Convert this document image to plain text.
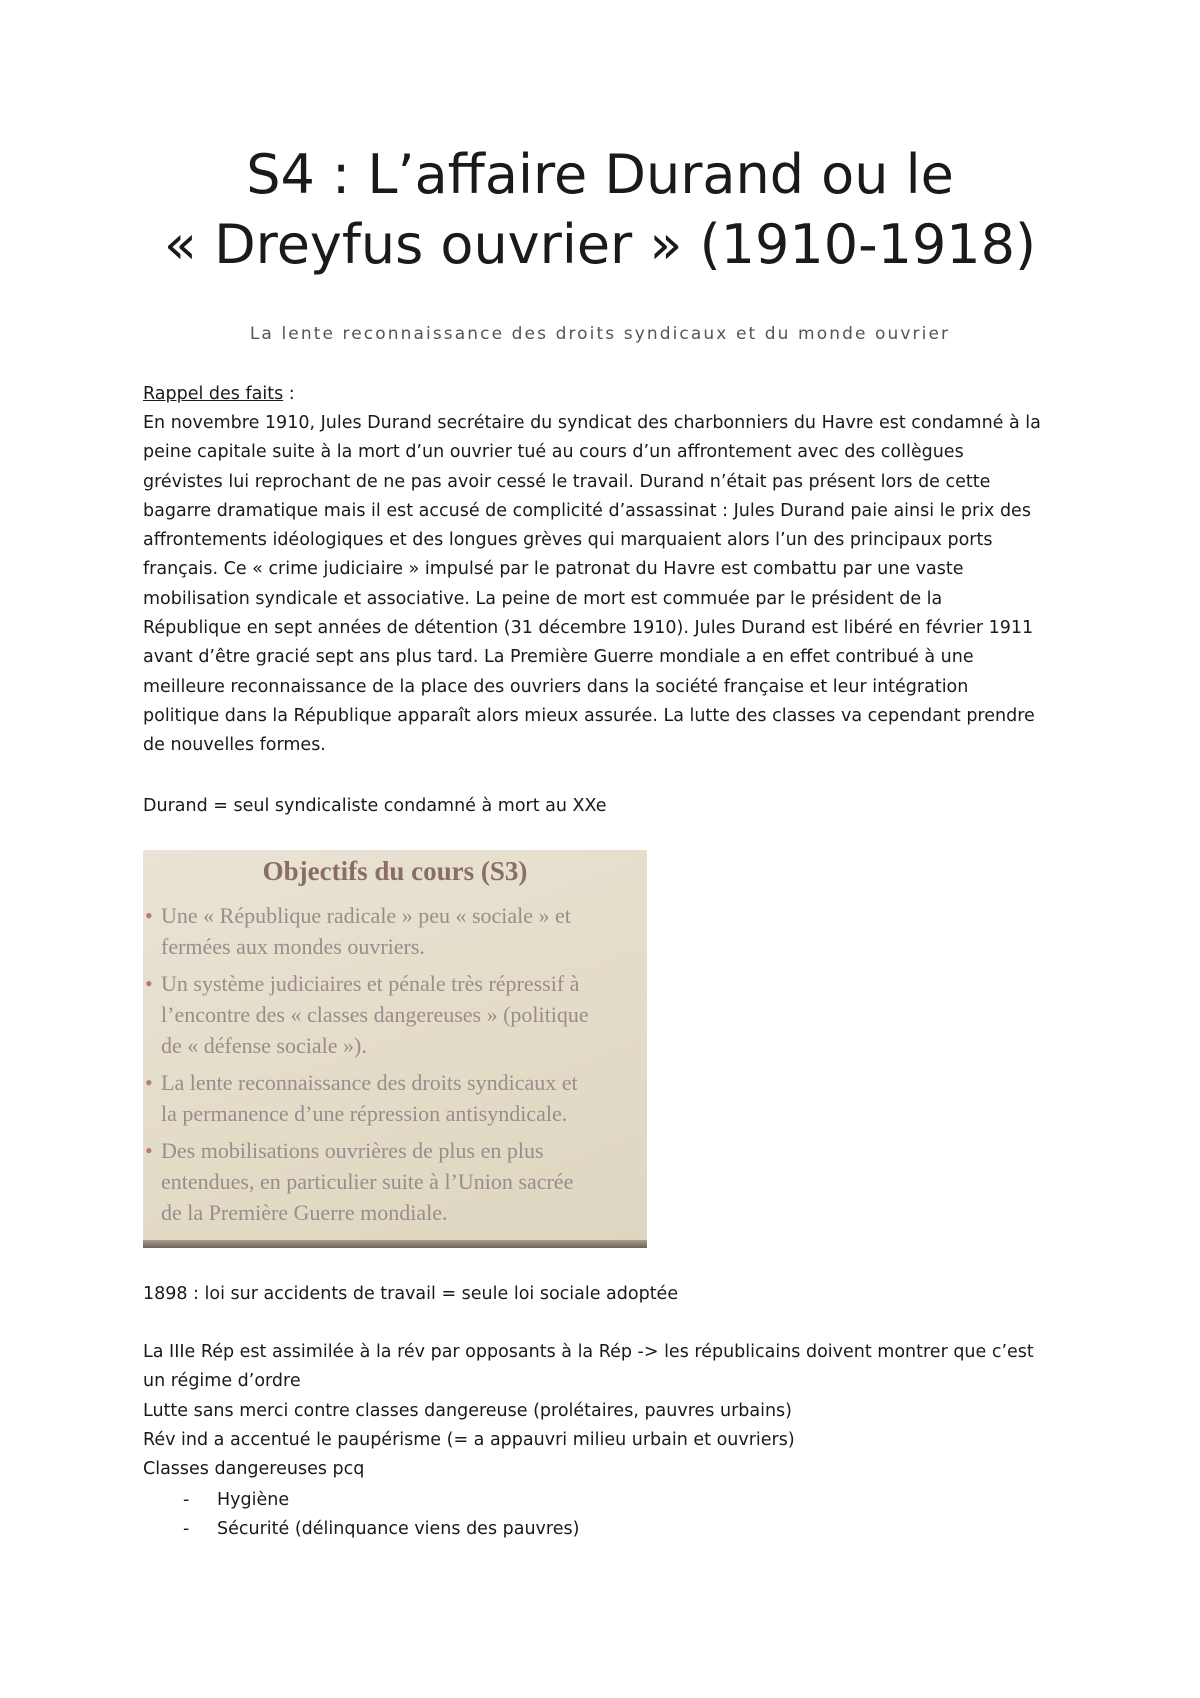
S4 : L’affaire Durand ou le
« Dreyfus ouvrier » (1910-1918)
La lente reconnaissance des droits syndicaux et du monde ouvrier
Rappel des faits :
En novembre 1910, Jules Durand secrétaire du syndicat des charbonniers du Havre est condamné à la
peine capitale suite à la mort d’un ouvrier tué au cours d’un affrontement avec des collègues
grévistes lui reprochant de ne pas avoir cessé le travail. Durand n’était pas présent lors de cette
bagarre dramatique mais il est accusé de complicité d’assassinat : Jules Durand paie ainsi le prix des
affrontements idéologiques et des longues grèves qui marquaient alors l’un des principaux ports
français. Ce « crime judiciaire » impulsé par le patronat du Havre est combattu par une vaste
mobilisation syndicale et associative. La peine de mort est commuée par le président de la
République en sept années de détention (31 décembre 1910). Jules Durand est libéré en février 1911
avant d’être gracié sept ans plus tard. La Première Guerre mondiale a en effet contribué à une
meilleure reconnaissance de la place des ouvriers dans la société française et leur intégration
politique dans la République apparaît alors mieux assurée. La lutte des classes va cependant prendre
de nouvelles formes.
Durand = seul syndicaliste condamné à mort au XXe
Objectifs du cours (S3)
• Une « République radicale » peu « sociale » et
fermées aux mondes ouvriers.
• Un système judiciaires et pénale très répressif à
l’encontre des « classes dangereuses » (politique
de « défense sociale »).
• La lente reconnaissance des droits syndicaux et
la permanence d’une répression antisyndicale.
• Des mobilisations ouvrières de plus en plus
entendues, en particulier suite à l’Union sacrée
de la Première Guerre mondiale.
1898 : loi sur accidents de travail = seule loi sociale adoptée
La IIIe Rép est assimilée à la rév par opposants à la Rép -> les républicains doivent montrer que c’est
un régime d’ordre
Lutte sans merci contre classes dangereuse (prolétaires, pauvres urbains)
Rév ind a accentué le paupérisme (= a appauvri milieu urbain et ouvriers)
Classes dangereuses pcq
- Hygiène
- Sécurité (délinquance viens des pauvres)
